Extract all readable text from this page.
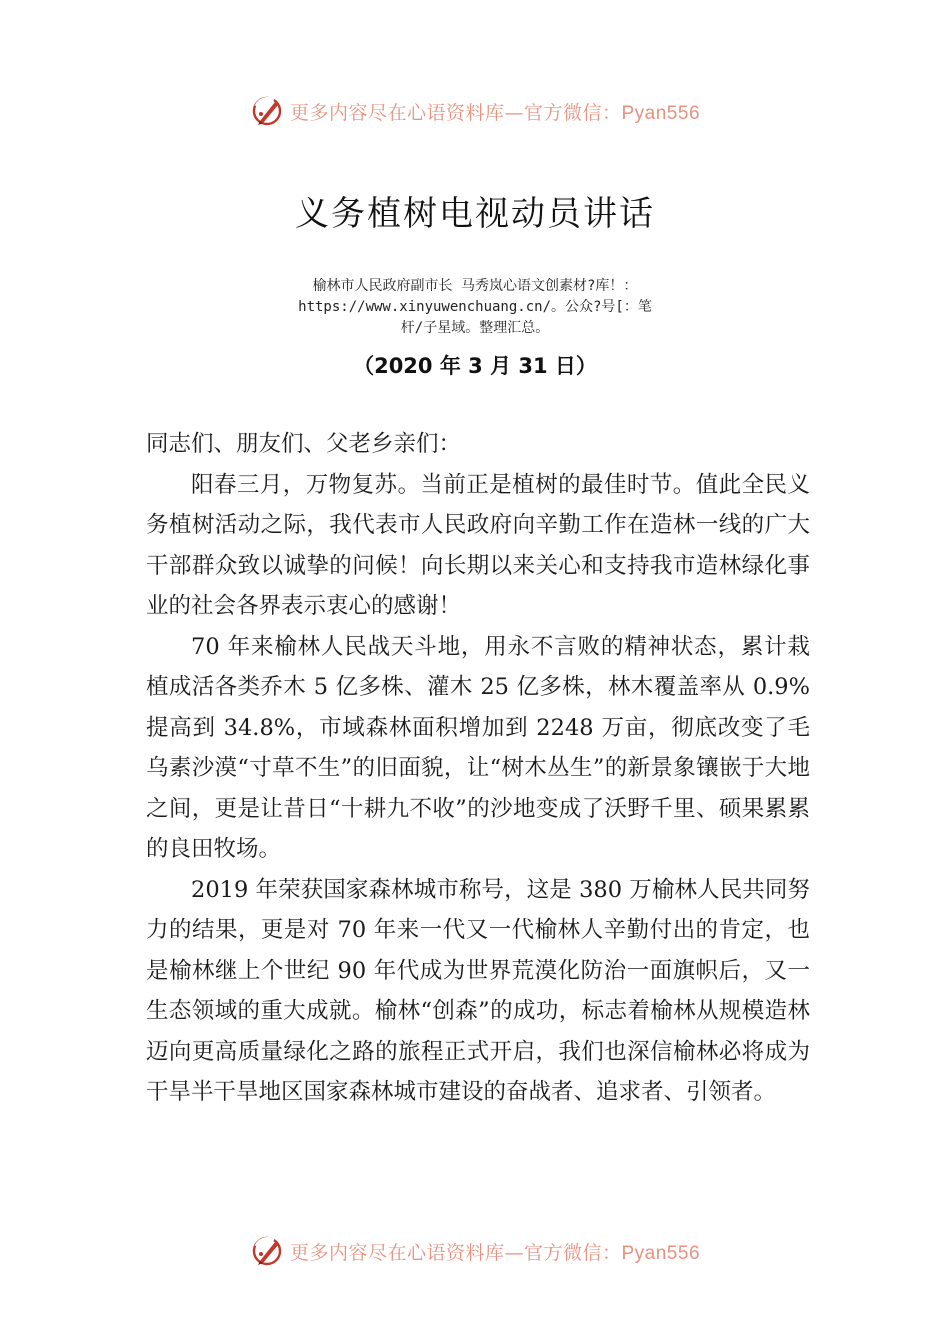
更多内容尽在心语资料库—官方微信：Pyan556
义务植树电视动员讲话
榆林市人民政府副市长 马秀岚心语文创素材?库！：https://www.xinyuwenchuang.cn/。公众?号[：笔杆/子星域。整理汇总。
（2020 年 3 月 31 日）

同志们、朋友们、父老乡亲们：

阳春三月，万物复苏。当前正是植树的最佳时节。值此全民义务植树活动之际，我代表市人民政府向辛勤工作在造林一线的广大干部群众致以诚挚的问候！向长期以来关心和支持我市造林绿化事业的社会各界表示衷心的感谢！

70 年来榆林人民战天斗地，用永不言败的精神状态，累计栽植成活各类乔木 5 亿多株、灌木 25 亿多株，林木覆盖率从 0.9%提高到 34.8%，市域森林面积增加到 2248 万亩，彻底改变了毛乌素沙漠“寸草不生”的旧面貌，让“树木丛生”的新景象镶嵌于大地之间，更是让昔日“十耕九不收”的沙地变成了沃野千里、硕果累累的良田牧场。

2019 年荣获国家森林城市称号，这是 380 万榆林人民共同努力的结果，更是对 70 年来一代又一代榆林人辛勤付出的肯定，也是榆林继上个世纪 90 年代成为世界荒漠化防治一面旗帜后，又一生态领域的重大成就。榆林“创森”的成功，标志着榆林从规模造林迈向更高质量绿化之路的旅程正式开启，我们也深信榆林必将成为干旱半干旱地区国家森林城市建设的奋战者、追求者、引领者。

更多内容尽在心语资料库—官方微信：Pyan556
